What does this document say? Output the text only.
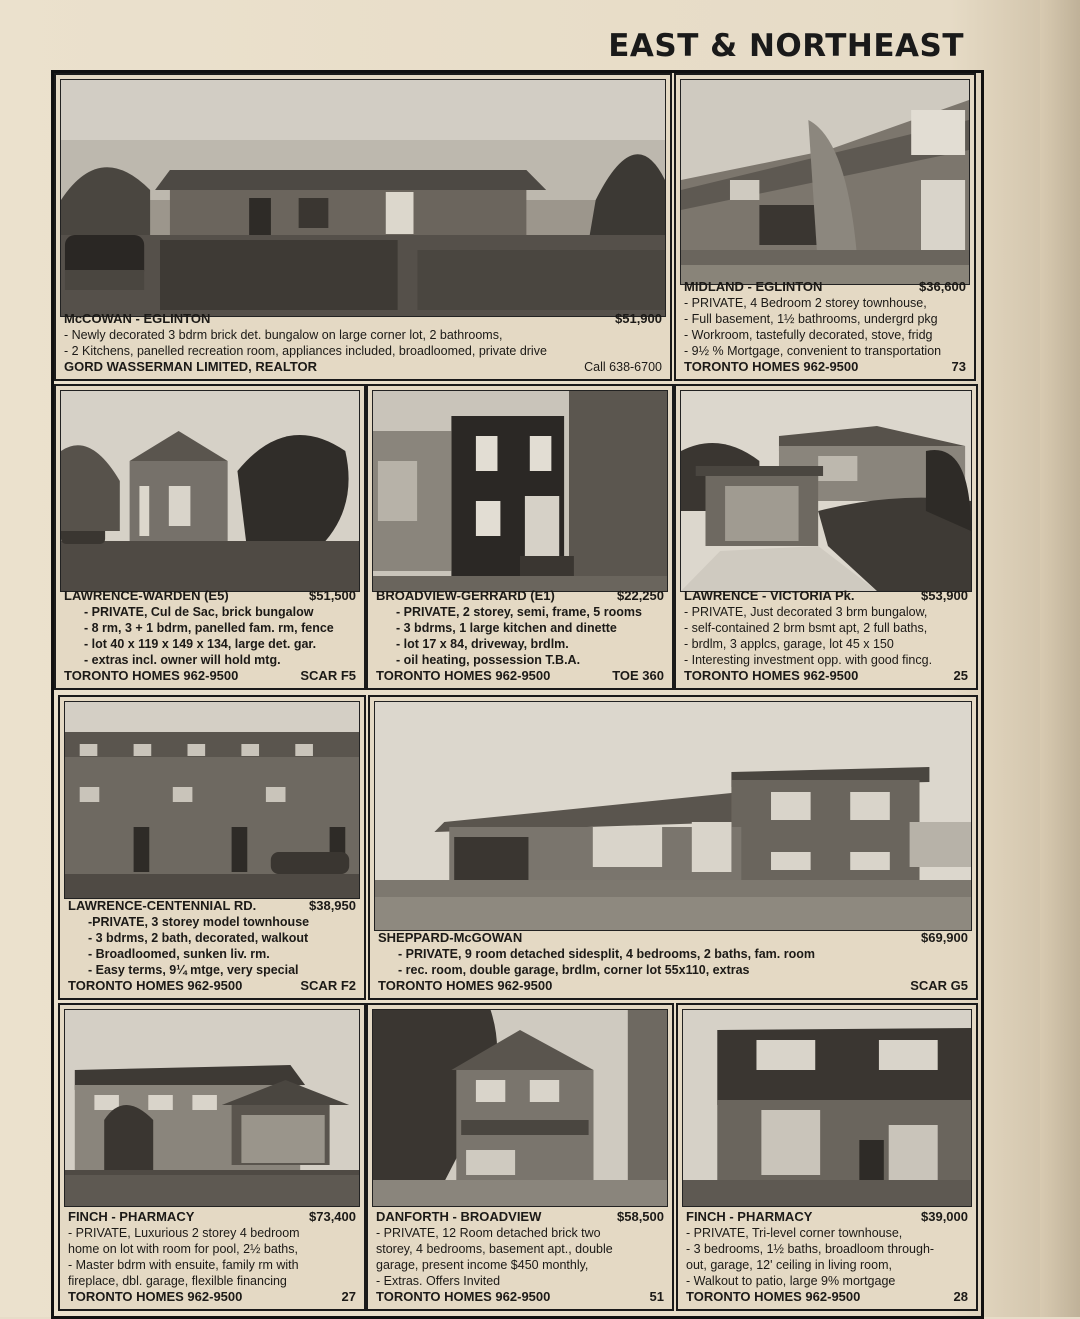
EAST & NORTHEAST
McCOWAN - EGLINTON	$51,900
- Newly decorated 3 bdrm brick det. bungalow on large corner lot, 2 bathrooms,
- 2 Kitchens, panelled recreation room, appliances included, broadloomed, private drive
GORD WASSERMAN LIMITED, REALTOR	Call 638-6700
MIDLAND - EGLINTON	$36,600
- PRIVATE, 4 Bedroom 2 storey townhouse,
- Full basement, 1½ bathrooms, undergrd pkg
- Workroom, tastefully decorated, stove, fridg
- 9½ % Mortgage, convenient to transportation
TORONTO HOMES 962-9500	73
LAWRENCE-WARDEN (E5)	$51,500
- PRIVATE, Cul de Sac, brick bungalow
- 8 rm, 3 + 1 bdrm, panelled fam. rm, fence
- lot 40 x 119 x 149 x 134, large det. gar.
- extras incl. owner will hold mtg.
TORONTO HOMES 962-9500	SCAR F5
BROADVIEW-GERRARD (E1)	$22,250
- PRIVATE, 2 storey, semi, frame, 5 rooms
- 3 bdrms, 1 large kitchen and dinette
- lot 17 x 84, driveway, brdlm.
- oil heating, possession T.B.A.
TORONTO HOMES 962-9500	TOE 360
LAWRENCE - VICTORIA Pk.	$53,900
- PRIVATE, Just decorated 3 brm bungalow,
- self-contained 2 brm bsmt apt, 2 full baths,
- brdlm, 3 applcs, garage, lot 45 x 150
- Interesting investment opp. with good fincg.
TORONTO HOMES 962-9500	25
LAWRENCE-CENTENNIAL RD.	$38,950
-PRIVATE, 3 storey model townhouse
- 3 bdrms, 2 bath, decorated, walkout
- Broadloomed, sunken liv. rm.
- Easy terms, 9¼ mtge, very special
TORONTO HOMES 962-9500	SCAR F2
SHEPPARD-McGOWAN	$69,900
- PRIVATE, 9 room detached sidesplit, 4 bedrooms, 2 baths, fam. room
- rec. room, double garage, brdlm, corner lot 55x110, extras
TORONTO HOMES 962-9500	SCAR G5
FINCH - PHARMACY	$73,400
- PRIVATE, Luxurious 2 storey 4 bedroom
home on lot with room for pool, 2½ baths,
- Master bdrm with ensuite, family rm with
fireplace, dbl. garage, flexilble financing
TORONTO HOMES 962-9500	27
DANFORTH - BROADVIEW	$58,500
- PRIVATE, 12 Room detached brick two
storey, 4 bedrooms, basement apt., double
garage, present income $450 monthly,
- Extras. Offers Invited
TORONTO HOMES 962-9500	51
FINCH - PHARMACY	$39,000
- PRIVATE, Tri-level corner townhouse,
- 3 bedrooms, 1½ baths, broadloom through-
out, garage, 12' ceiling in living room,
- Walkout to patio, large 9% mortgage
TORONTO HOMES 962-9500	28
